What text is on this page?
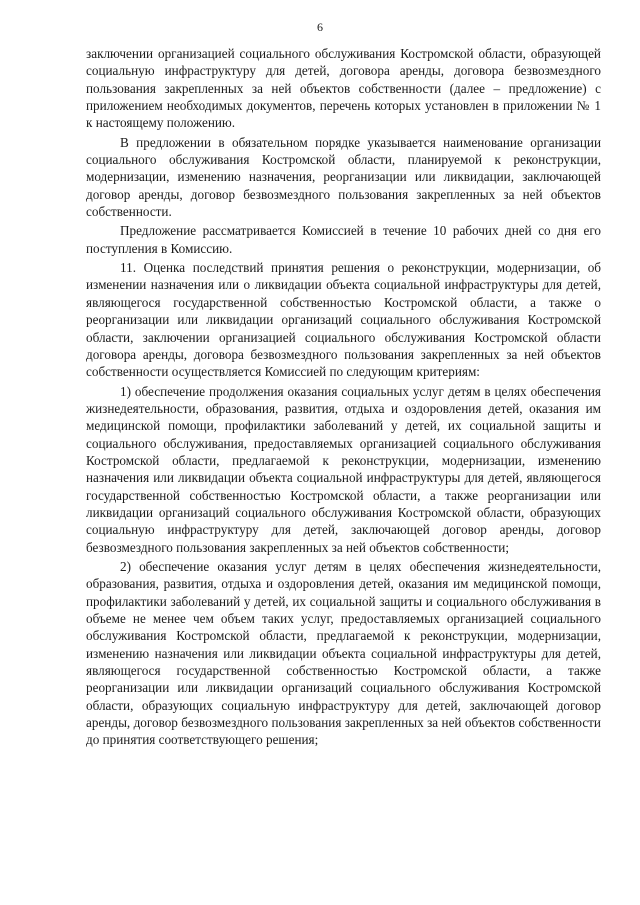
6

заключении организацией социального обслуживания Костромской области, образующей социальную инфраструктуру для детей, договора аренды, договора безвозмездного пользования закрепленных за ней объектов собственности (далее – предложение) с приложением необходимых документов, перечень которых установлен в приложении № 1 к настоящему положению.

В предложении в обязательном порядке указывается наименование организации социального обслуживания Костромской области, планируемой к реконструкции, модернизации, изменению назначения, реорганизации или ликвидации, заключающей договор аренды, договор безвозмездного пользования закрепленных за ней объектов собственности.

Предложение рассматривается Комиссией в течение 10 рабочих дней со дня его поступления в Комиссию.

11. Оценка последствий принятия решения о реконструкции, модернизации, об изменении назначения или о ликвидации объекта социальной инфраструктуры для детей, являющегося государственной собственностью Костромской области, а также о реорганизации или ликвидации организаций социального обслуживания Костромской области, заключении организацией социального обслуживания Костромской области договора аренды, договора безвозмездного пользования закрепленных за ней объектов собственности осуществляется Комиссией по следующим критериям:

1) обеспечение продолжения оказания социальных услуг детям в целях обеспечения жизнедеятельности, образования, развития, отдыха и оздоровления детей, оказания им медицинской помощи, профилактики заболеваний у детей, их социальной защиты и социального обслуживания, предоставляемых организацией социального обслуживания Костромской области, предлагаемой к реконструкции, модернизации, изменению назначения или ликвидации объекта социальной инфраструктуры для детей, являющегося государственной собственностью Костромской области, а также реорганизации или ликвидации организаций социального обслуживания Костромской области, образующих социальную инфраструктуру для детей, заключающей договор аренды, договор безвозмездного пользования закрепленных за ней объектов собственности;

2) обеспечение оказания услуг детям в целях обеспечения жизнедеятельности, образования, развития, отдыха и оздоровления детей, оказания им медицинской помощи, профилактики заболеваний у детей, их социальной защиты и социального обслуживания в объеме не менее чем объем таких услуг, предоставляемых организацией социального обслуживания Костромской области, предлагаемой к реконструкции, модернизации, изменению назначения или ликвидации объекта социальной инфраструктуры для детей, являющегося государственной собственностью Костромской области, а также реорганизации или ликвидации организаций социального обслуживания Костромской области, образующих социальную инфраструктуру для детей, заключающей договор аренды, договор безвозмездного пользования закрепленных за ней объектов собственности до принятия соответствующего решения;
